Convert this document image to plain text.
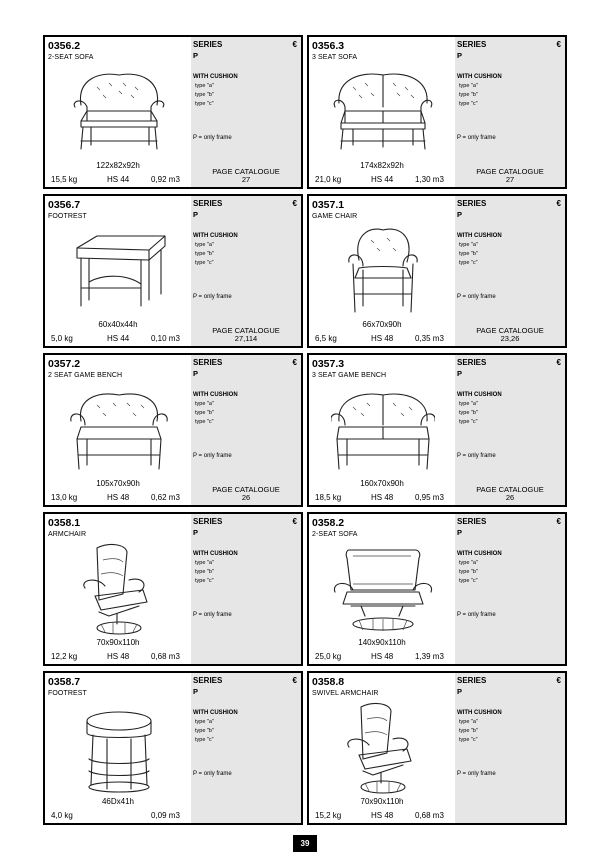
0356.2
2-SEAT SOFA
122x82x92h
15,5 kg	HS 44	0,92 m3
SERIES	€
P
WITH CUSHION
type "a"
type "b"
type "c"
P = only frame
PAGE CATALOGUE
27
0356.3
3 SEAT SOFA
174x82x92h
21,0 kg	HS 44	1,30 m3
SERIES	€
P
WITH CUSHION
type "a"
type "b"
type "c"
P = only frame
PAGE CATALOGUE
27
0356.7
FOOTREST
60x40x44h
5,0 kg	HS 44	0,10 m3
SERIES	€
P
WITH CUSHION
type "a"
type "b"
type "c"
P = only frame
PAGE CATALOGUE
27,114
0357.1
GAME CHAIR
66x70x90h
6,5 kg	HS 48	0,35 m3
SERIES	€
P
WITH CUSHION
type "a"
type "b"
type "c"
P = only frame
PAGE CATALOGUE
23,26
0357.2
2 SEAT GAME BENCH
105x70x90h
13,0 kg	HS 48	0,62 m3
SERIES	€
P
WITH CUSHION
type "a"
type "b"
type "c"
P = only frame
PAGE CATALOGUE
26
0357.3
3 SEAT GAME BENCH
160x70x90h
18,5 kg	HS 48	0,95 m3
SERIES	€
P
WITH CUSHION
type "a"
type "b"
type "c"
P = only frame
PAGE CATALOGUE
26
0358.1
ARMCHAIR
70x90x110h
12,2 kg	HS 48	0,68 m3
SERIES	€
P
WITH CUSHION
type "a"
type "b"
type "c"
P = only frame
0358.2
2-SEAT SOFA
140x90x110h
25,0 kg	HS 48	1,39 m3
SERIES	€
P
WITH CUSHION
type "a"
type "b"
type "c"
P = only frame
0358.7
FOOTREST
46Dx41h
4,0 kg	0,09 m3
SERIES	€
P
WITH CUSHION
type "a"
type "b"
type "c"
P = only frame
0358.8
SWIVEL ARMCHAIR
70x90x110h
15,2 kg	HS 48	0,68 m3
SERIES	€
P
WITH CUSHION
type "a"
type "b"
type "c"
P = only frame
39
